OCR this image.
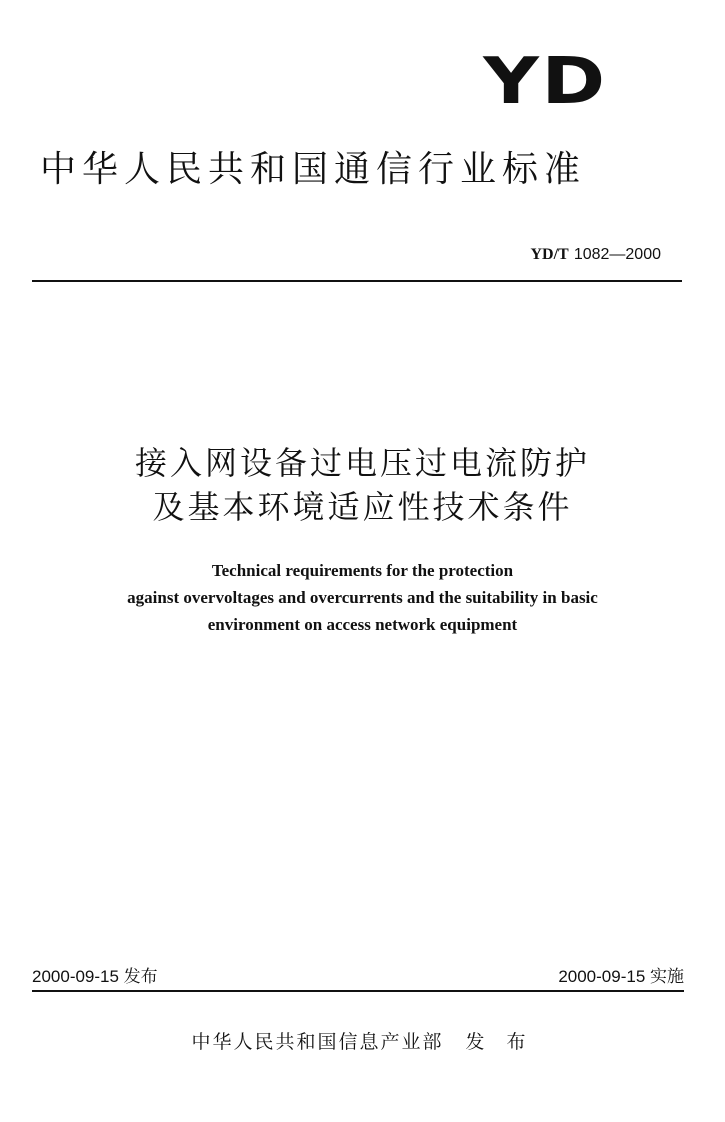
YD
中华人民共和国通信行业标准
YD/T 1082—2000
接入网设备过电压过电流防护
及基本环境适应性技术条件
Technical requirements for the protection
against overvoltages and overcurrents and the suitability in basic
environment on access network equipment
2000-09-15 发布	2000-09-15 实施
中华人民共和国信息产业部 发 布
